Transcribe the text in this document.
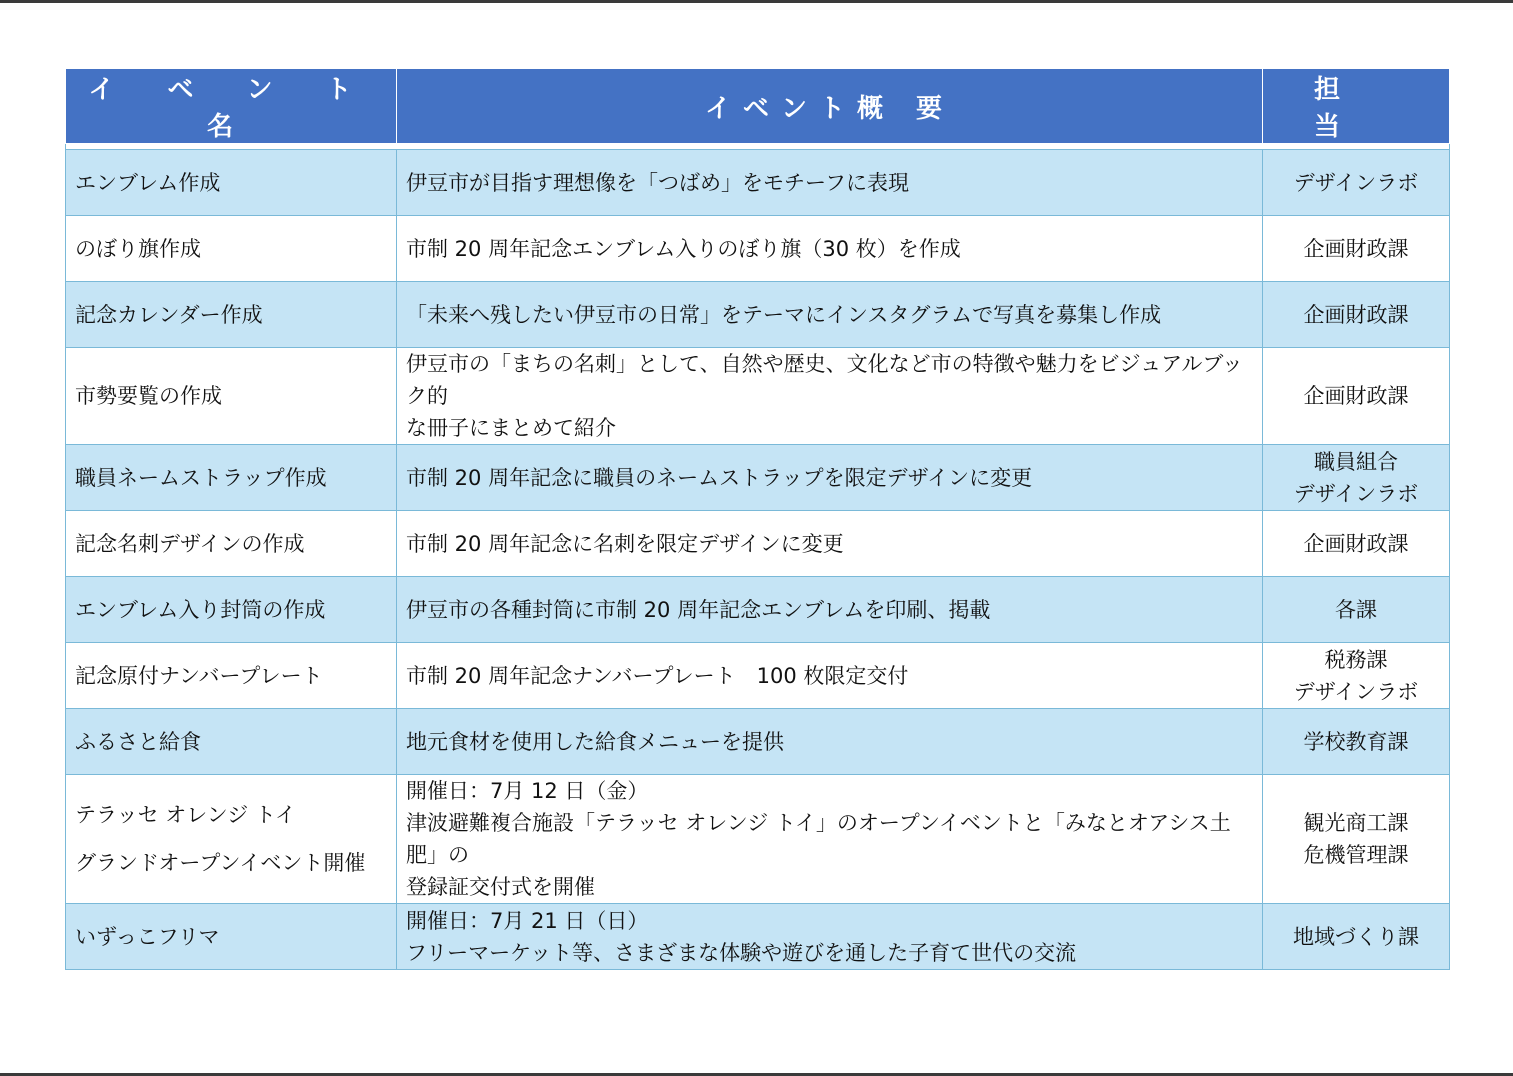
イ ベ ン ト 名	イベント概 要	担 当

エンブレム作成	伊豆市が目指す理想像を「つばめ」をモチーフに表現	デザインラボ

のぼり旗作成	市制 20 周年記念エンブレム入りのぼり旗（30 枚）を作成	企画財政課

記念カレンダー作成	「未来へ残したい伊豆市の日常」をテーマにインスタグラムで写真を募集し作成	企画財政課

市勢要覧の作成	伊豆市の「まちの名刺」として、自然や歴史、文化など市の特徴や魅力をビジュアルブック的
な冊子にまとめて紹介	企画財政課

職員ネームストラップ作成	市制 20 周年記念に職員のネームストラップを限定デザインに変更	職員組合
デザインラボ

記念名刺デザインの作成	市制 20 周年記念に名刺を限定デザインに変更	企画財政課

エンブレム入り封筒の作成	伊豆市の各種封筒に市制 20 周年記念エンブレムを印刷、掲載	各課

記念原付ナンバープレート	市制 20 周年記念ナンバープレート　100 枚限定交付	税務課
デザインラボ

ふるさと給食	地元食材を使用した給食メニューを提供	学校教育課

テラッセ オレンジ トイ
グランドオープンイベント開催	開催日：7月 12 日（金）
津波避難複合施設「テラッセ オレンジ トイ」のオープンイベントと「みなとオアシス土肥」の
登録証交付式を開催	観光商工課
危機管理課

いずっこフリマ	開催日：7月 21 日（日）
フリーマーケット等、さまざまな体験や遊びを通した子育て世代の交流	地域づくり課
